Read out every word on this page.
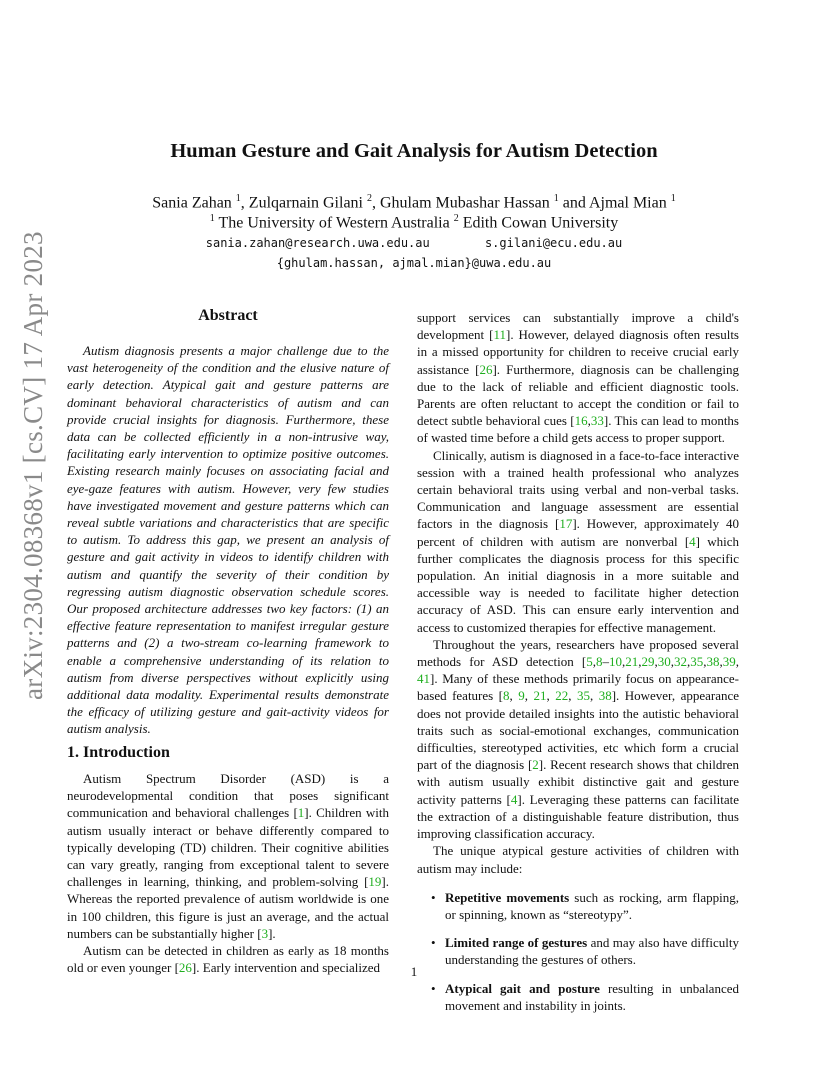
arXiv:2304.08368v1 [cs.CV] 17 Apr 2023
Human Gesture and Gait Analysis for Autism Detection
Sania Zahan $^1$, Zulqarnain Gilani $^2$, Ghulam Mubashar Hassan $^1$ and Ajmal Mian $^1$
$^1$ The University of Western Australia $^2$ Edith Cowan University
sania.zahan@research.uwa.edu.au	s.gilani@ecu.edu.au
{ghulam.hassan, ajmal.mian}@uwa.edu.au
Abstract

Autism diagnosis presents a major challenge due to the vast heterogeneity of the condition and the elusive nature of early detection. Atypical gait and gesture patterns are dominant behavioral characteristics of autism and can provide crucial insights for diagnosis. Furthermore, these data can be collected efficiently in a non-intrusive way, facilitating early intervention to optimize positive outcomes. Existing research mainly focuses on associating facial and eye-gaze features with autism. However, very few studies have investigated movement and gesture patterns which can reveal subtle variations and characteristics that are specific to autism. To address this gap, we present an analysis of gesture and gait activity in videos to identify children with autism and quantify the severity of their condition by regressing autism diagnostic observation schedule scores. Our proposed architecture addresses two key factors: (1) an effective feature representation to manifest irregular gesture patterns and (2) a two-stream co-learning framework to enable a comprehensive understanding of its relation to autism from diverse perspectives without explicitly using additional data modality. Experimental results demonstrate the efficacy of utilizing gesture and gait-activity videos for autism analysis.

1. Introduction

Autism Spectrum Disorder (ASD) is a neurodevelopmental condition that poses significant communication and behavioral challenges [1]. Children with autism usually interact or behave differently compared to typically developing (TD) children. Their cognitive abilities can vary greatly, ranging from exceptional talent to severe challenges in learning, thinking, and problem-solving [19]. Whereas the reported prevalence of autism worldwide is one in 100 children, this figure is just an average, and the actual numbers can be substantially higher [3].

Autism can be detected in children as early as 18 months old or even younger [26]. Early intervention and specialized

support services can substantially improve a child's development [11]. However, delayed diagnosis often results in a missed opportunity for children to receive crucial early assistance [26]. Furthermore, diagnosis can be challenging due to the lack of reliable and efficient diagnostic tools. Parents are often reluctant to accept the condition or fail to detect subtle behavioral cues [16,33]. This can lead to months of wasted time before a child gets access to proper support.

Clinically, autism is diagnosed in a face-to-face interactive session with a trained health professional who analyzes certain behavioral traits using verbal and non-verbal tasks. Communication and language assessment are essential factors in the diagnosis [17]. However, approximately 40 percent of children with autism are nonverbal [4] which further complicates the diagnosis process for this specific population. An initial diagnosis in a more suitable and accessible way is needed to facilitate higher detection accuracy of ASD. This can ensure early intervention and access to customized therapies for effective management.

Throughout the years, researchers have proposed several methods for ASD detection [5,8–10,21,29,30,32,35,38,39, 41]. Many of these methods primarily focus on appearance-based features [8, 9, 21, 22, 35, 38]. However, appearance does not provide detailed insights into the autistic behavioral traits such as social-emotional exchanges, communication difficulties, stereotyped activities, etc which form a crucial part of the diagnosis [2]. Recent research shows that children with autism usually exhibit distinctive gait and gesture activity patterns [4]. Leveraging these patterns can facilitate the extraction of a distinguishable feature distribution, thus improving classification accuracy.

The unique atypical gesture activities of children with autism may include:

• Repetitive movements such as rocking, arm flapping, or spinning, known as “stereotypy”.
• Limited range of gestures and may also have difficulty understanding the gestures of others.
• Atypical gait and posture resulting in unbalanced movement and instability in joints.
1
